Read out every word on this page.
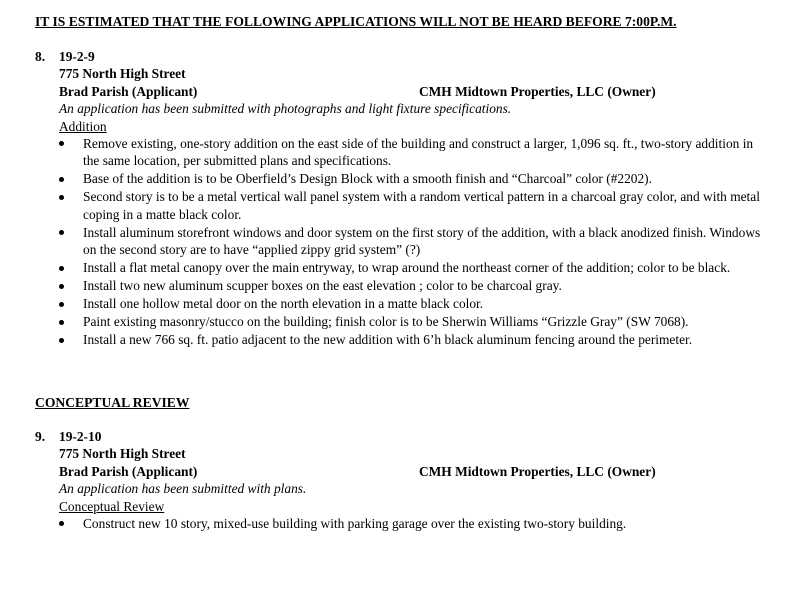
IT IS ESTIMATED THAT THE FOLLOWING APPLICATIONS WILL NOT BE HEARD BEFORE 7:00P.M.
8. 19-2-9
775 North High Street
Brad Parish (Applicant)	CMH Midtown Properties, LLC (Owner)
An application has been submitted with photographs and light fixture specifications.
Addition
Remove existing, one-story addition on the east side of the building and construct a larger, 1,096 sq. ft., two-story addition in the same location, per submitted plans and specifications.
Base of the addition is to be Oberfield’s Design Block with a smooth finish and “Charcoal” color (#2202).
Second story is to be a metal vertical wall panel system with a random vertical pattern in a charcoal gray color, and with metal coping in a matte black color.
Install aluminum storefront windows and door system on the first story of the addition, with a black anodized finish. Windows on the second story are to have “applied zippy grid system” (?)
Install a flat metal canopy over the main entryway, to wrap around the northeast corner of the addition; color to be black.
Install two new aluminum scupper boxes on the east elevation ; color to be charcoal gray.
Install one hollow metal door on the north elevation in a matte black color.
Paint existing masonry/stucco on the building; finish color is to be Sherwin Williams “Grizzle Gray” (SW 7068).
Install a new 766 sq. ft. patio adjacent to the new addition with 6’h black aluminum fencing around the perimeter.
CONCEPTUAL REVIEW
9. 19-2-10
775 North High Street
Brad Parish (Applicant)	CMH Midtown Properties, LLC (Owner)
An application has been submitted with plans.
Conceptual Review
Construct new 10 story, mixed-use building with parking garage over the existing two-story building.
